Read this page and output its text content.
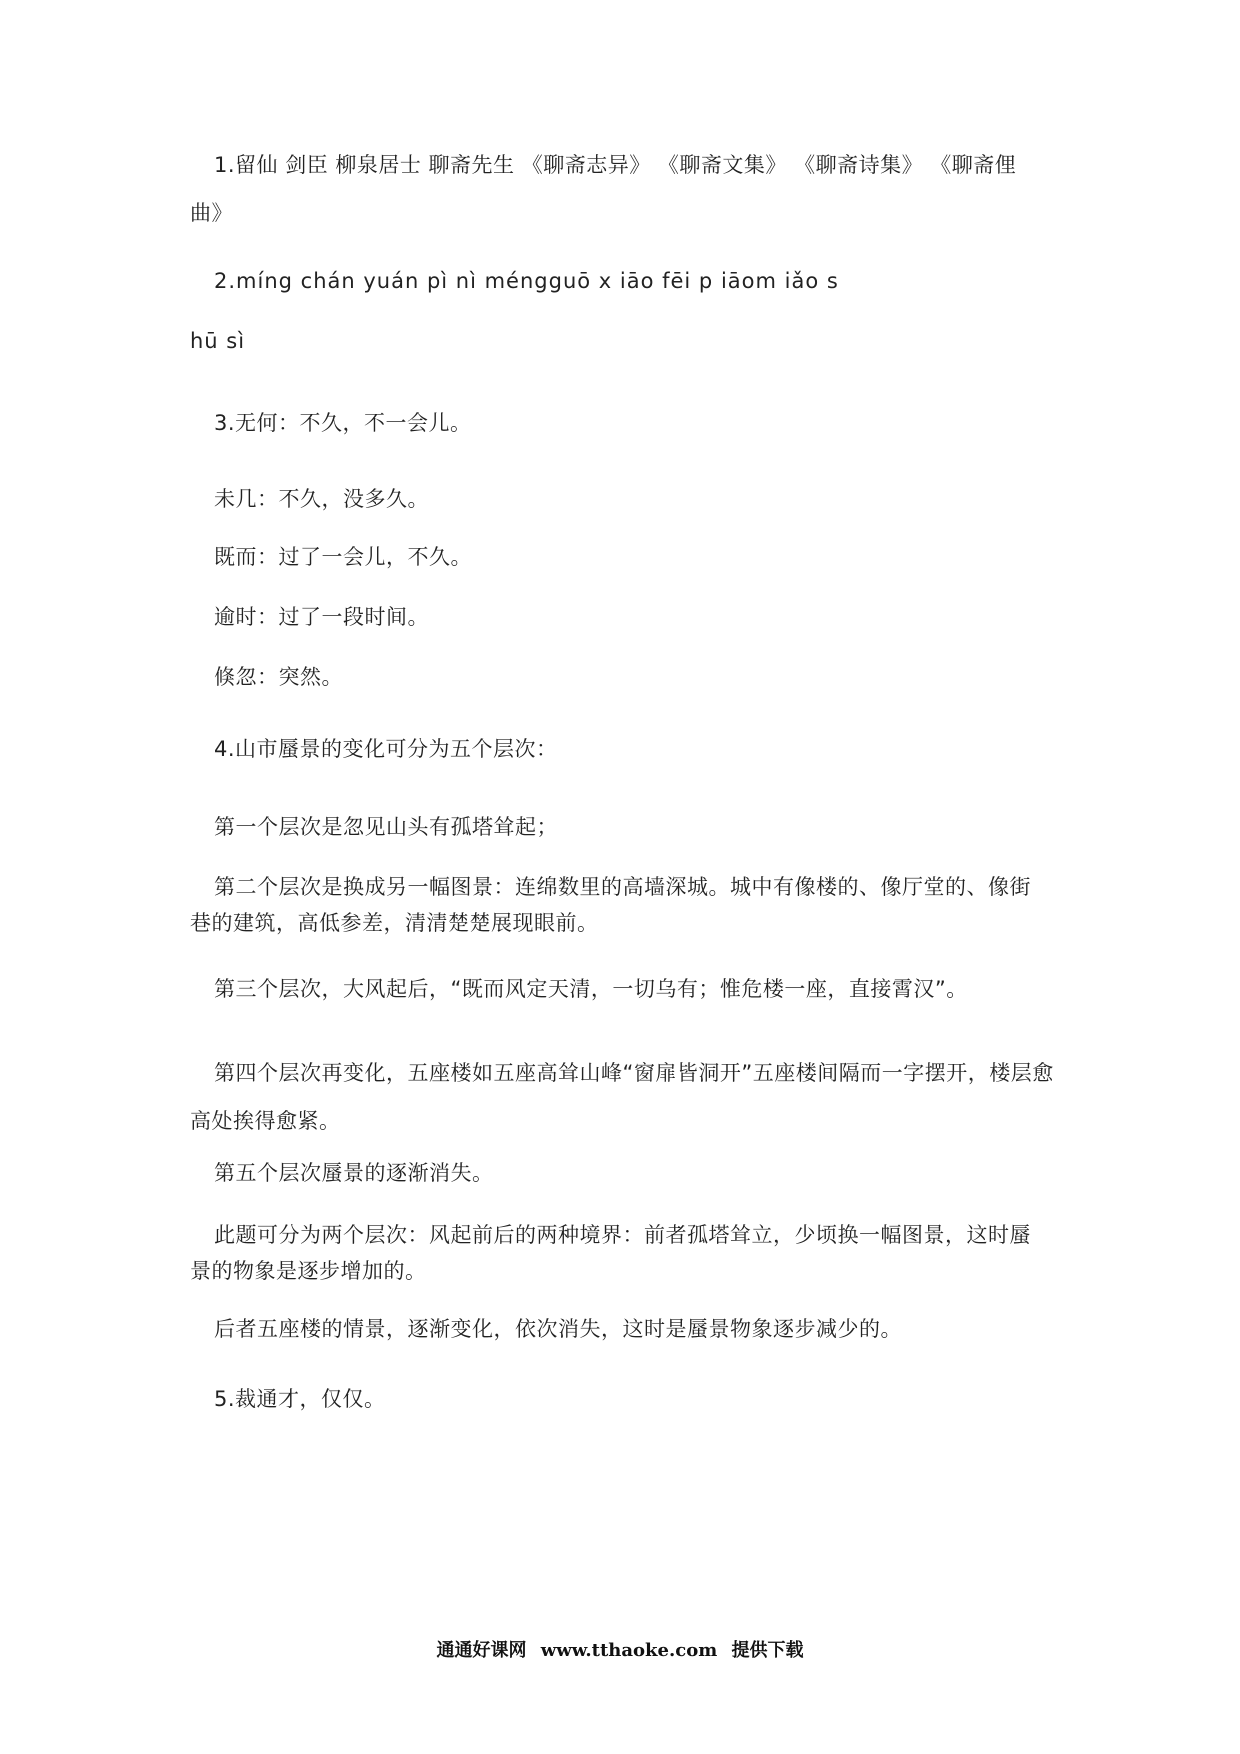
1.留仙 剑臣 柳泉居士 聊斋先生 《聊斋志异》 《聊斋文集》 《聊斋诗集》 《聊斋俚
曲》
2.míng chán yuán pì nì méngguō x iāo fēi p iāom iǎo s
hū sì
3.无何：不久，不一会儿。
未几：不久，没多久。
既而：过了一会儿，不久。
逾时：过了一段时间。
倏忽：突然。
4.山市蜃景的变化可分为五个层次：
第一个层次是忽见山头有孤塔耸起；
第二个层次是换成另一幅图景：连绵数里的高墙深城。城中有像楼的、像厅堂的、像街
巷的建筑，高低参差，清清楚楚展现眼前。
第三个层次，大风起后，“既而风定天清，一切乌有；惟危楼一座，直接霄汉”。
第四个层次再变化，五座楼如五座高耸山峰“窗扉皆洞开”五座楼间隔而一字摆开，楼层愈
高处挨得愈紧。
第五个层次蜃景的逐渐消失。
此题可分为两个层次：风起前后的两种境界：前者孤塔耸立，少顷换一幅图景，这时蜃
景的物象是逐步增加的。
后者五座楼的情景，逐渐变化，依次消失，这时是蜃景物象逐步减少的。
5.裁通才，仅仅。
通通好课网 www.tthaoke.com 提供下载
